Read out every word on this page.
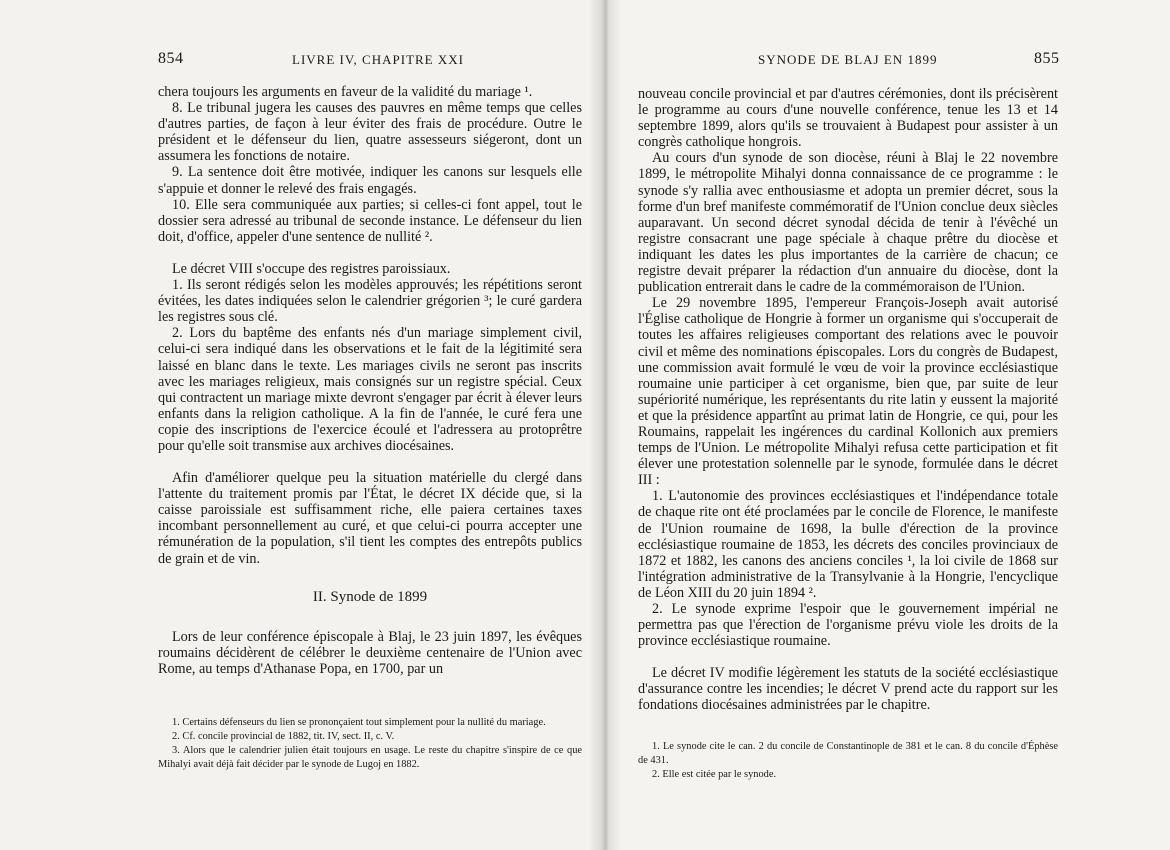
854	LIVRE IV, CHAPITRE XXI

chera toujours les arguments en faveur de la validité du mariage ¹.

8. Le tribunal jugera les causes des pauvres en même temps que celles d'autres parties, de façon à leur éviter des frais de procédure. Outre le président et le défenseur du lien, quatre assesseurs siégeront, dont un assumera les fonctions de notaire.

9. La sentence doit être motivée, indiquer les canons sur lesquels elle s'appuie et donner le relevé des frais engagés.

10. Elle sera communiquée aux parties; si celles-ci font appel, tout le dossier sera adressé au tribunal de seconde instance. Le défenseur du lien doit, d'office, appeler d'une sentence de nullité ².

Le décret VIII s'occupe des registres paroissiaux.

1. Ils seront rédigés selon les modèles approuvés; les répétitions seront évitées, les dates indiquées selon le calendrier grégorien ³; le curé gardera les registres sous clé.

2. Lors du baptême des enfants nés d'un mariage simplement civil, celui-ci sera indiqué dans les observations et le fait de la légitimité sera laissé en blanc dans le texte. Les mariages civils ne seront pas inscrits avec les mariages religieux, mais consignés sur un registre spécial. Ceux qui contractent un mariage mixte devront s'engager par écrit à élever leurs enfants dans la religion catholique. A la fin de l'année, le curé fera une copie des inscriptions de l'exercice écoulé et l'adressera au protoprêtre pour qu'elle soit transmise aux archives diocésaines.

Afin d'améliorer quelque peu la situation matérielle du clergé dans l'attente du traitement promis par l'État, le décret IX décide que, si la caisse paroissiale est suffisamment riche, elle paiera certaines taxes incombant personnellement au curé, et que celui-ci pourra accepter une rémunération de la population, s'il tient les comptes des entrepôts publics de grain et de vin.

II. Synode de 1899

Lors de leur conférence épiscopale à Blaj, le 23 juin 1897, les évêques roumains décidèrent de célébrer le deuxième centenaire de l'Union avec Rome, au temps d'Athanase Popa, en 1700, par un

1. Certains défenseurs du lien se prononçaient tout simplement pour la nullité du mariage.

2. Cf. concile provincial de 1882, tit. IV, sect. II, c. V.

3. Alors que le calendrier julien était toujours en usage. Le reste du chapitre s'inspire de ce que Mihalyi avait déjà fait décider par le synode de Lugoj en 1882.

SYNODE DE BLAJ EN 1899	855

nouveau concile provincial et par d'autres cérémonies, dont ils précisèrent le programme au cours d'une nouvelle conférence, tenue les 13 et 14 septembre 1899, alors qu'ils se trouvaient à Budapest pour assister à un congrès catholique hongrois.

Au cours d'un synode de son diocèse, réuni à Blaj le 22 novembre 1899, le métropolite Mihalyi donna connaissance de ce programme : le synode s'y rallia avec enthousiasme et adopta un premier décret, sous la forme d'un bref manifeste commémoratif de l'Union conclue deux siècles auparavant. Un second décret synodal décida de tenir à l'évêché un registre consacrant une page spéciale à chaque prêtre du diocèse et indiquant les dates les plus importantes de la carrière de chacun; ce registre devait préparer la rédaction d'un annuaire du diocèse, dont la publication entrerait dans le cadre de la commémoraison de l'Union.

Le 29 novembre 1895, l'empereur François-Joseph avait autorisé l'Église catholique de Hongrie à former un organisme qui s'occuperait de toutes les affaires religieuses comportant des relations avec le pouvoir civil et même des nominations épiscopales. Lors du congrès de Budapest, une commission avait formulé le vœu de voir la province ecclésiastique roumaine unie participer à cet organisme, bien que, par suite de leur supériorité numérique, les représentants du rite latin y eussent la majorité et que la présidence appartînt au primat latin de Hongrie, ce qui, pour les Roumains, rappelait les ingérences du cardinal Kollonich aux premiers temps de l'Union. Le métropolite Mihalyi refusa cette participation et fit élever une protestation solennelle par le synode, formulée dans le décret III :

1. L'autonomie des provinces ecclésiastiques et l'indépendance totale de chaque rite ont été proclamées par le concile de Florence, le manifeste de l'Union roumaine de 1698, la bulle d'érection de la province ecclésiastique roumaine de 1853, les décrets des conciles provinciaux de 1872 et 1882, les canons des anciens conciles ¹, la loi civile de 1868 sur l'intégration administrative de la Transylvanie à la Hongrie, l'encyclique de Léon XIII du 20 juin 1894 ².

2. Le synode exprime l'espoir que le gouvernement impérial ne permettra pas que l'érection de l'organisme prévu viole les droits de la province ecclésiastique roumaine.

Le décret IV modifie légèrement les statuts de la société ecclésiastique d'assurance contre les incendies; le décret V prend acte du rapport sur les fondations diocésaines administrées par le chapitre.

1. Le synode cite le can. 2 du concile de Constantinople de 381 et le can. 8 du concile d'Éphèse de 431.

2. Elle est citée par le synode.
